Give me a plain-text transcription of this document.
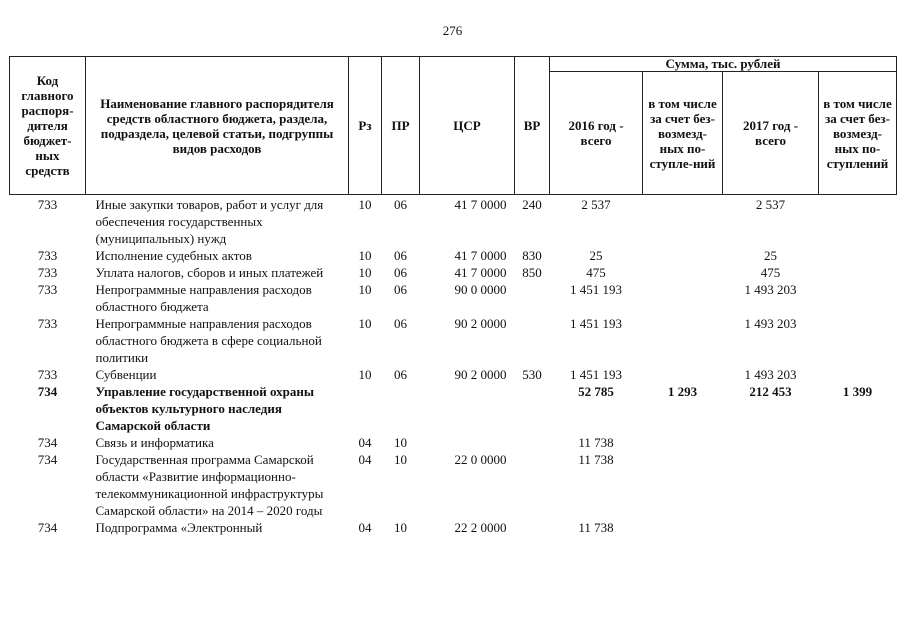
276
Код главного распоря-дителя бюджет-ных средств	Наименование главного распорядителя средств областного бюджета, раздела, подраздела, целевой статьи, подгруппы видов расходов	Рз	ПР	ЦСР	ВР	Сумма, тыс. рублей			
						2016 год - всего	в том числе за счет без-возмезд-ных по-ступле-ний	2017 год - всего	в том числе за счет без-возмезд-ных по-ступлений
733	Иные закупки товаров, работ и услуг для обеспечения государственных (муниципальных) нужд	10	06	41 7 0000	240	2 537		2 537	
733	Исполнение судебных актов	10	06	41 7 0000	830	25		25	
733	Уплата налогов, сборов и иных платежей	10	06	41 7 0000	850	475		475	
733	Непрограммные направления расходов областного бюджета	10	06	90 0 0000		1 451 193		1 493 203	
733	Непрограммные направления расходов областного бюджета в сфере социальной политики	10	06	90 2 0000		1 451 193		1 493 203	
733	Субвенции	10	06	90 2 0000	530	1 451 193		1 493 203	
734	Управление государственной охраны объектов культурного наследия Самарской области					52 785	1 293	212 453	1 399
734	Связь и информатика	04	10			11 738			
734	Государственная программа Самарской области «Развитие информационно-телекоммуникационной инфраструктуры Самарской области» на 2014 – 2020 годы	04	10	22 0 0000		11 738			
734	Подпрограмма «Электронный	04	10	22 2 0000		11 738			
